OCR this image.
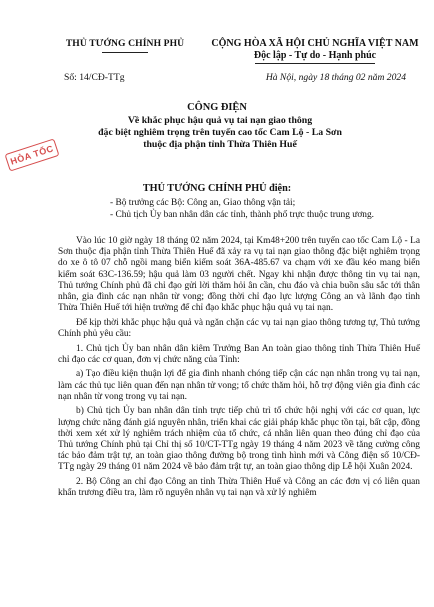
THỦ TƯỚNG CHÍNH PHỦ	CỘNG HÒA XÃ HỘI CHỦ NGHĨA VIỆT NAM
Độc lập - Tự do - Hạnh phúc
Số: 14/CĐ-TTg	Hà Nội, ngày 18 tháng 02 năm 2024
CÔNG ĐIỆN
Về khắc phục hậu quả vụ tai nạn giao thông
đặc biệt nghiêm trọng trên tuyến cao tốc Cam Lộ - La Sơn
thuộc địa phận tỉnh Thừa Thiên Huế
HỎA TỐC
THỦ TƯỚNG CHÍNH PHỦ điện:
- Bộ trưởng các Bộ: Công an, Giao thông vận tải;
- Chủ tịch Ủy ban nhân dân các tỉnh, thành phố trực thuộc trung ương.

Vào lúc 10 giờ ngày 18 tháng 02 năm 2024, tại Km48+200 trên tuyến cao tốc Cam Lộ - La Sơn thuộc địa phận tỉnh Thừa Thiên Huế đã xảy ra vụ tai nạn giao thông đặc biệt nghiêm trọng do xe ô tô 07 chỗ ngồi mang biển kiểm soát 36A-485.67 va chạm với xe đầu kéo mang biển kiểm soát 63C-136.59; hậu quả làm 03 người chết. Ngay khi nhận được thông tin vụ tai nạn, Thủ tướng Chính phủ đã chỉ đạo gửi lời thăm hỏi ân cần, chu đáo và chia buồn sâu sắc tới thân nhân, gia đình các nạn nhân từ vong; đồng thời chỉ đạo lực lượng Công an và lãnh đạo tỉnh Thừa Thiên Huế tới hiện trường để chỉ đạo khắc phục hậu quả vụ tai nạn.

Để kịp thời khắc phục hậu quả và ngăn chặn các vụ tai nạn giao thông tương tự, Thủ tướng Chính phủ yêu cầu:

1. Chủ tịch Ủy ban nhân dân kiêm Trưởng Ban An toàn giao thông tỉnh Thừa Thiên Huế chỉ đạo các cơ quan, đơn vị chức năng của Tỉnh:

a) Tạo điều kiện thuận lợi để gia đình nhanh chóng tiếp cận các nạn nhân trong vụ tai nạn, làm các thủ tục liên quan đến nạn nhân tử vong; tổ chức thăm hỏi, hỗ trợ động viên gia đình các nạn nhân từ vong trong vụ tai nạn.

b) Chủ tịch Ủy ban nhân dân tỉnh trực tiếp chủ trì tổ chức hội nghị với các cơ quan, lực lượng chức năng đánh giá nguyên nhân, triển khai các giải pháp khắc phục tồn tại, bất cập, đồng thời xem xét xử lý nghiêm trách nhiệm của tổ chức, cá nhân liên quan theo đúng chỉ đạo của Thủ tướng Chính phủ tại Chỉ thị số 10/CT-TTg ngày 19 tháng 4 năm 2023 về tăng cường công tác bảo đảm trật tự, an toàn giao thông đường bộ trong tình hình mới và Công điện số 10/CĐ-TTg ngày 29 tháng 01 năm 2024 về bảo đảm trật tự, an toàn giao thông dịp Lễ hội Xuân 2024.

2. Bộ Công an chỉ đạo Công an tỉnh Thừa Thiên Huế và Công an các đơn vị có liên quan khẩn trương điều tra, làm rõ nguyên nhân vụ tai nạn và xử lý nghiêm
